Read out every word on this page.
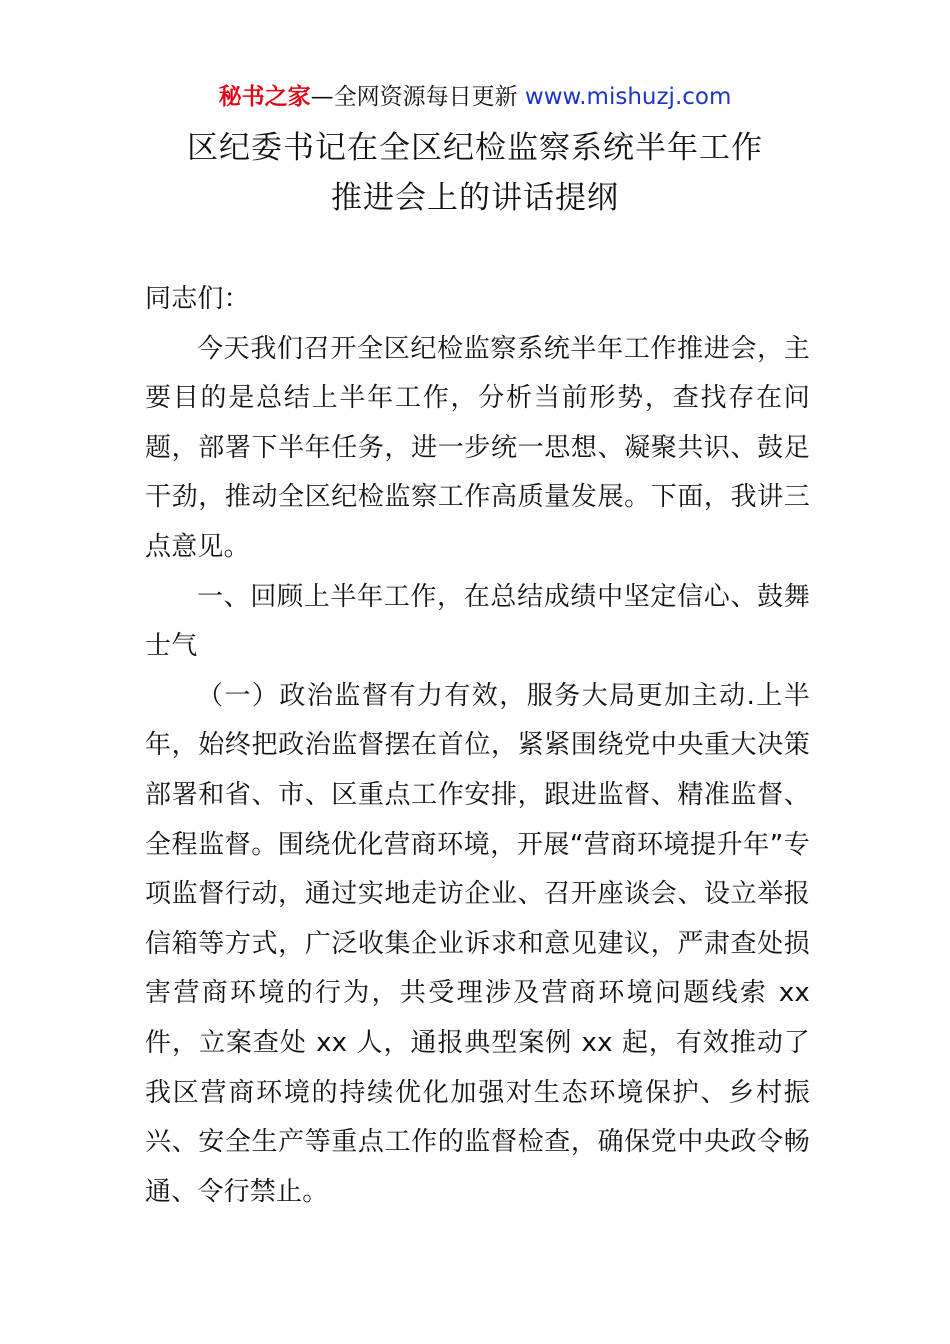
秘书之家—全网资源每日更新 www.mishuzj.com
区纪委书记在全区纪检监察系统半年工作
推进会上的讲话提纲

同志们：

今天我们召开全区纪检监察系统半年工作推进会，主要目的是总结上半年工作，分析当前形势，查找存在问题，部署下半年任务，进一步统一思想、凝聚共识、鼓足干劲，推动全区纪检监察工作高质量发展。下面，我讲三点意见。

一、回顾上半年工作，在总结成绩中坚定信心、鼓舞士气

（一）政治监督有力有效，服务大局更加主动.上半年，始终把政治监督摆在首位，紧紧围绕党中央重大决策部署和省、市、区重点工作安排，跟进监督、精准监督、全程监督。围绕优化营商环境，开展“营商环境提升年”专项监督行动，通过实地走访企业、召开座谈会、设立举报信箱等方式，广泛收集企业诉求和意见建议，严肃查处损害营商环境的行为，共受理涉及营商环境问题线索 xx 件，立案查处 xx 人，通报典型案例 xx 起，有效推动了我区营商环境的持续优化加强对生态环境保护、乡村振兴、安全生产等重点工作的监督检查，确保党中央政令畅通、令行禁止。
